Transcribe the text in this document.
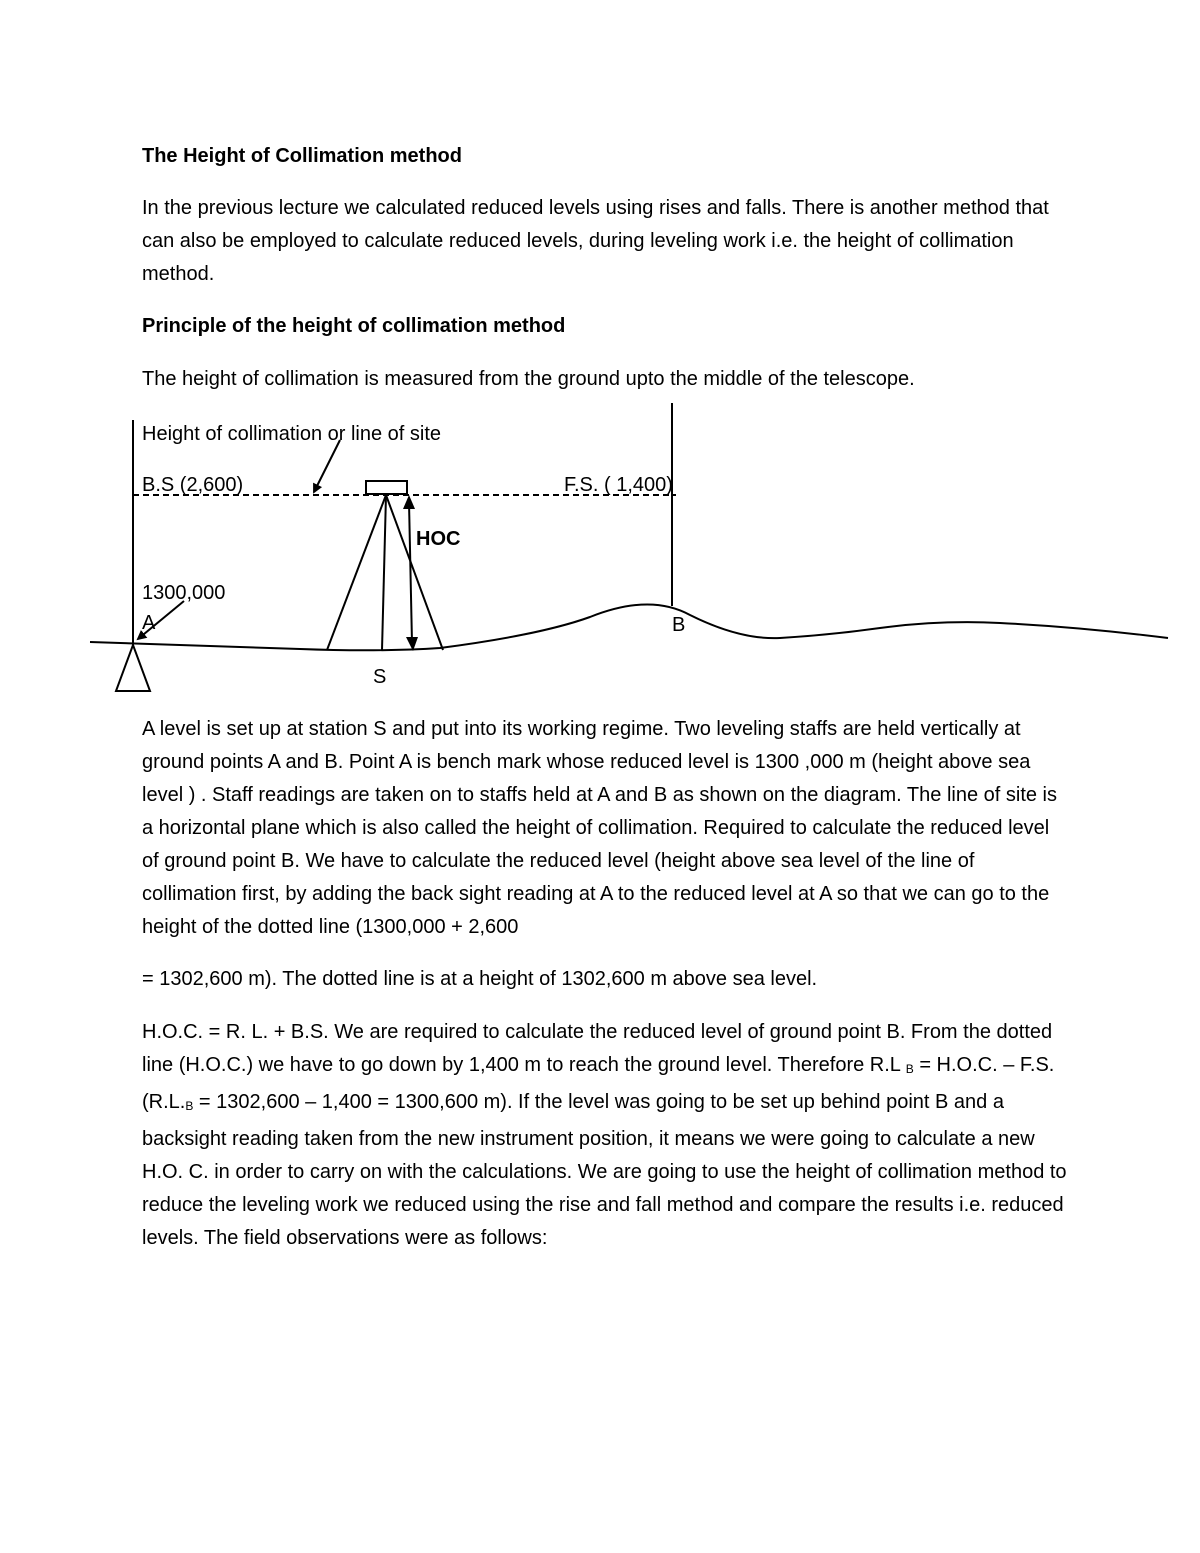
The Height of Collimation method

In the previous lecture we calculated reduced levels using rises and falls. There is another method that can also be employed to calculate reduced levels, during leveling work i.e. the height of collimation method.

Principle of the height of collimation method

The height of collimation is measured from the ground upto the middle of the telescope.

Height of collimation or line of site
B.S (2,600)	F.S. ( 1,400)
HOC
1300,000
A	B
S

A level is set up at station S and put into its working regime. Two leveling staffs are held vertically at ground points A and B. Point A is bench mark whose reduced level is 1300 ,000 m (height above sea level ) . Staff readings are taken on to staffs held at A and B as shown on the diagram. The line of site is a horizontal plane which is also called the height of collimation. Required to calculate the reduced level of ground point B. We have to calculate the reduced level (height above sea level of the line of collimation first, by adding the back sight reading at A to the reduced level at A so that we can go to the height of the dotted line (1300,000 + 2,600

= 1302,600 m). The dotted line is at a height of 1302,600 m above sea level.

H.O.C. = R. L. + B.S. We are required to calculate the reduced level of ground point B. From the dotted line (H.O.C.) we have to go down by 1,400 m to reach the ground level. Therefore R.L $_B$ = H.O.C. – F.S. ($R.L._B = 1302,600 - 1,400 = 1300,600$ m). If the level was going to be set up behind point B and a backsight reading taken from the new instrument position, it means we were going to calculate a new H.O. C. in order to carry on with the calculations. We are going to use the height of collimation method to reduce the leveling work we reduced using the rise and fall method and compare the results i.e. reduced levels. The field observations were as follows:
